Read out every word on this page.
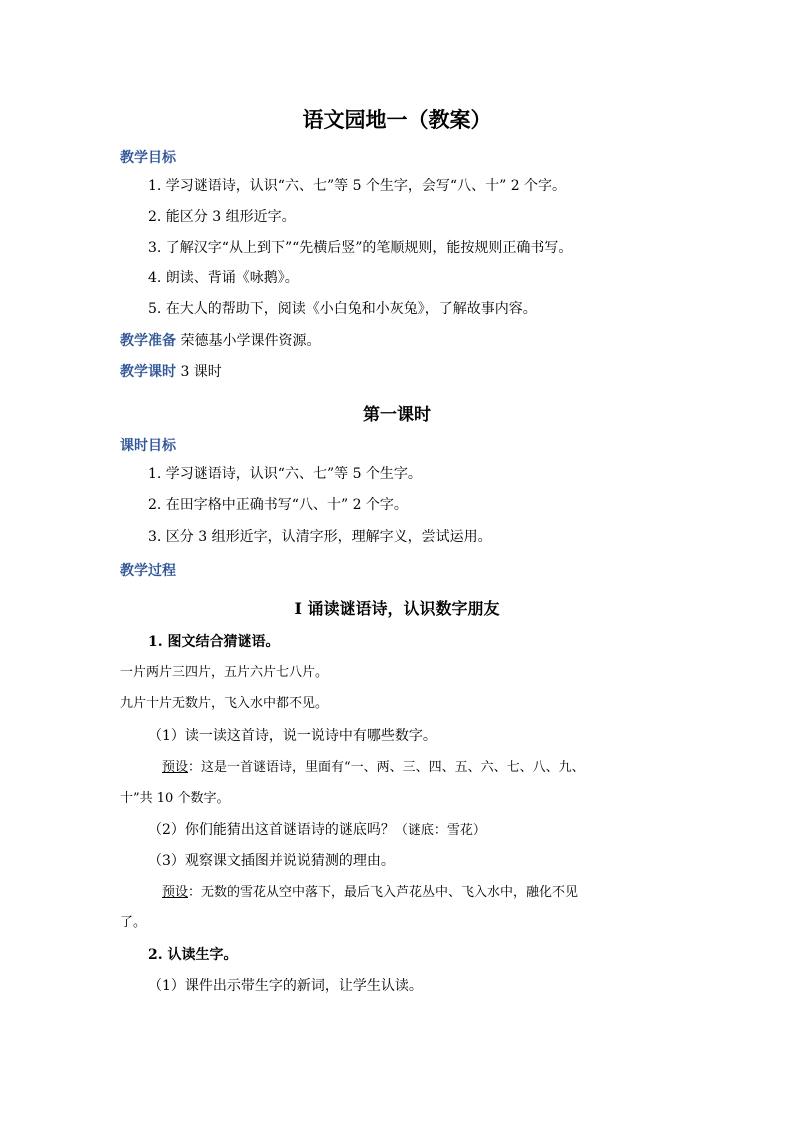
语文园地一（教案）
教学目标
1. 学习谜语诗，认识“六、七”等 5 个生字，会写“八、十” 2 个字。
2. 能区分 3 组形近字。
3. 了解汉字“从上到下”“先横后竖”的笔顺规则，能按规则正确书写。
4. 朗读、背诵《咏鹅》。
5. 在大人的帮助下，阅读《小白兔和小灰兔》，了解故事内容。
教学准备 荣德基小学课件资源。
教学课时 3 课时
第一课时
课时目标
1. 学习谜语诗，认识“六、七”等 5 个生字。
2. 在田字格中正确书写“八、十” 2 个字。
3. 区分 3 组形近字，认清字形，理解字义，尝试运用。
教学过程
Ⅰ 诵读谜语诗，认识数字朋友
1. 图文结合猜谜语。
一片两片三四片，五片六片七八片。
九片十片无数片，飞入水中都不见。
（1）读一读这首诗，说一说诗中有哪些数字。
预设：这是一首谜语诗，里面有“一、两、三、四、五、六、七、八、九、
十”共 10 个数字。
（2）你们能猜出这首谜语诗的谜底吗？（谜底：雪花）
（3）观察课文插图并说说猜测的理由。
预设：无数的雪花从空中落下，最后飞入芦花丛中、飞入水中，融化不见
了。
2. 认读生字。
（1）课件出示带生字的新词，让学生认读。
